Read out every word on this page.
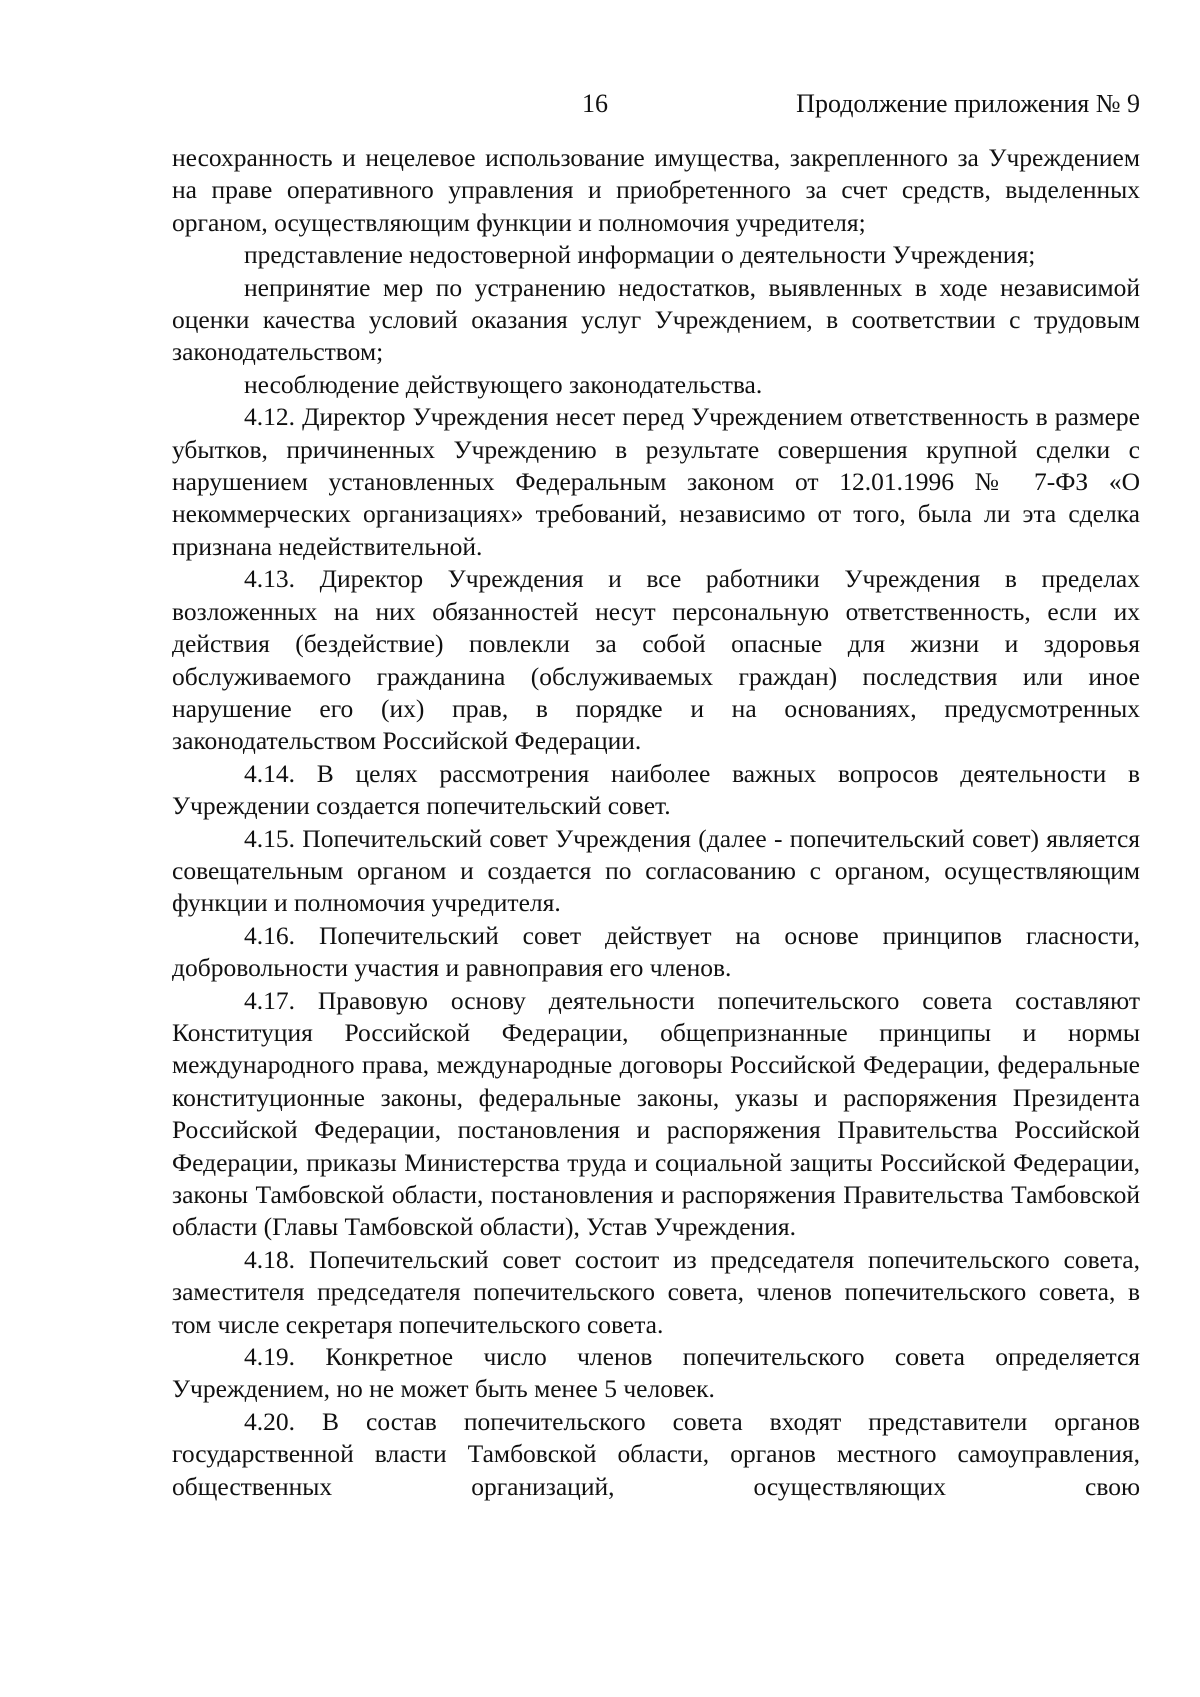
16	Продолжение приложения № 9

несохранность и нецелевое использование имущества, закрепленного за Учреждением на праве оперативного управления и приобретенного за счет средств, выделенных органом, осуществляющим функции и полномочия учредителя;

представление недостоверной информации о деятельности Учреждения;

непринятие мер по устранению недостатков, выявленных в ходе независимой оценки качества условий оказания услуг Учреждением, в соответствии с трудовым законодательством;

несоблюдение действующего законодательства.

4.12. Директор Учреждения несет перед Учреждением ответственность в размере убытков, причиненных Учреждению в результате совершения крупной сделки с нарушением установленных Федеральным законом от 12.01.1996 № 7-ФЗ «О некоммерческих организациях» требований, независимо от того, была ли эта сделка признана недействительной.

4.13. Директор Учреждения и все работники Учреждения в пределах возложенных на них обязанностей несут персональную ответственность, если их действия (бездействие) повлекли за собой опасные для жизни и здоровья обслуживаемого гражданина (обслуживаемых граждан) последствия или иное нарушение его (их) прав, в порядке и на основаниях, предусмотренных законодательством Российской Федерации.

4.14. В целях рассмотрения наиболее важных вопросов деятельности в Учреждении создается попечительский совет.

4.15. Попечительский совет Учреждения (далее - попечительский совет) является совещательным органом и создается по согласованию с органом, осуществляющим функции и полномочия учредителя.

4.16. Попечительский совет действует на основе принципов гласности, добровольности участия и равноправия его членов.

4.17. Правовую основу деятельности попечительского совета составляют Конституция Российской Федерации, общепризнанные принципы и нормы международного права, международные договоры Российской Федерации, федеральные конституционные законы, федеральные законы, указы и распоряжения Президента Российской Федерации, постановления и распоряжения Правительства Российской Федерации, приказы Министерства труда и социальной защиты Российской Федерации, законы Тамбовской области, постановления и распоряжения Правительства Тамбовской области (Главы Тамбовской области), Устав Учреждения.

4.18. Попечительский совет состоит из председателя попечительского совета, заместителя председателя попечительского совета, членов попечительского совета, в том числе секретаря попечительского совета.

4.19. Конкретное число членов попечительского совета определяется Учреждением, но не может быть менее 5 человек.

4.20. В состав попечительского совета входят представители органов государственной власти Тамбовской области, органов местного самоуправления, общественных организаций, осуществляющих свою
